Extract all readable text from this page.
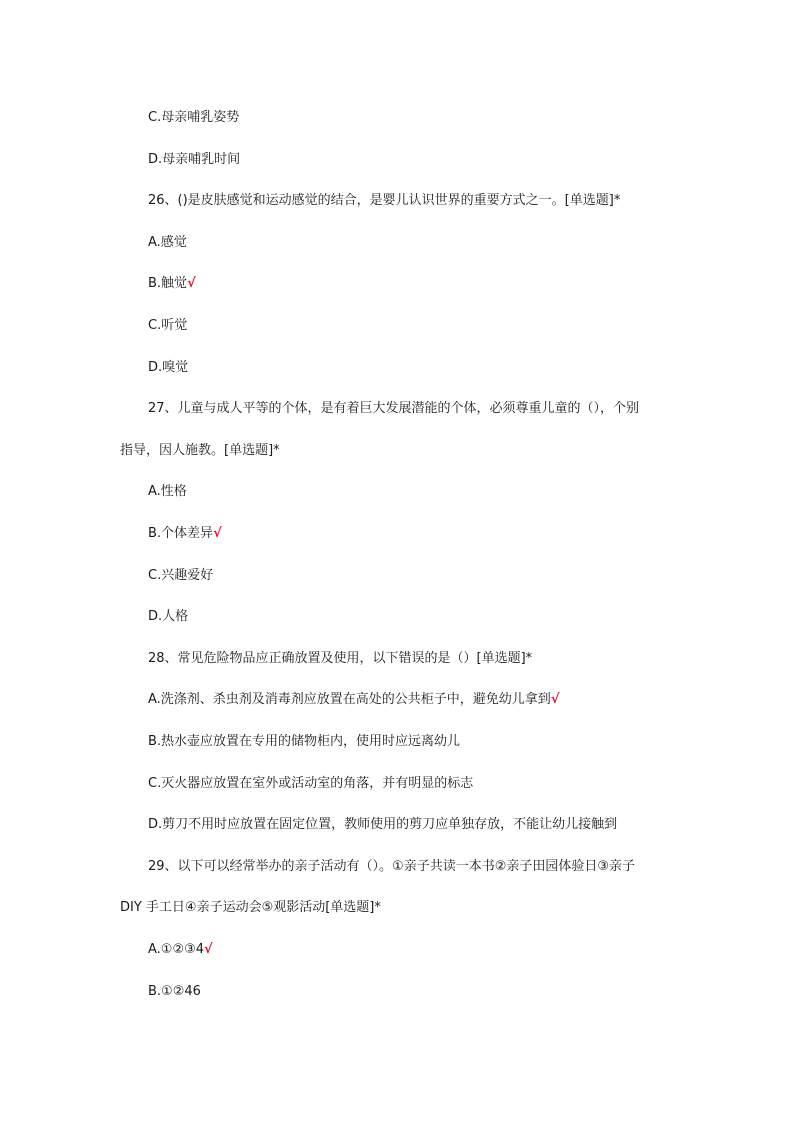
C.母亲哺乳姿势
D.母亲哺乳时间
26、()是皮肤感觉和运动感觉的结合，是婴儿认识世界的重要方式之一。[单选题]*
A.感觉
B.触觉√
C.听觉
D.嗅觉
27、儿童与成人平等的个体，是有着巨大发展潜能的个体，必须尊重儿童的（），个别
指导，因人施教。[单选题]*
A.性格
B.个体差异√
C.兴趣爱好
D.人格
28、常见危险物品应正确放置及使用，以下错误的是（）[单选题]*
A.洗涤剂、杀虫剂及消毒剂应放置在高处的公共柜子中，避免幼儿拿到√
B.热水壶应放置在专用的储物柜内，使用时应远离幼儿
C.灭火器应放置在室外或活动室的角落，并有明显的标志
D.剪刀不用时应放置在固定位置，教师使用的剪刀应单独存放，不能让幼儿接触到
29、以下可以经常举办的亲子活动有（）。①亲子共读一本书②亲子田园体验日③亲子
DIY 手工日④亲子运动会⑤观影活动[单选题]*
A.①②③4√
B.①②46
